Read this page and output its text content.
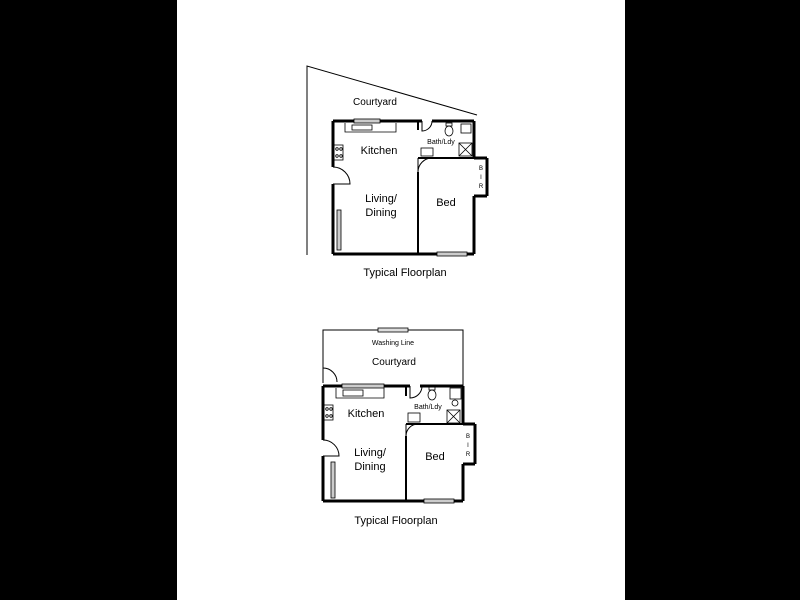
Courtyard
Kitchen
Living/
Dining
Bath/Ldy
Bed
B
I
R
Typical Floorplan
Washing Line
Courtyard
Kitchen
Living/
Dining
Bath/Ldy
Bed
B
I
R
Typical Floorplan
